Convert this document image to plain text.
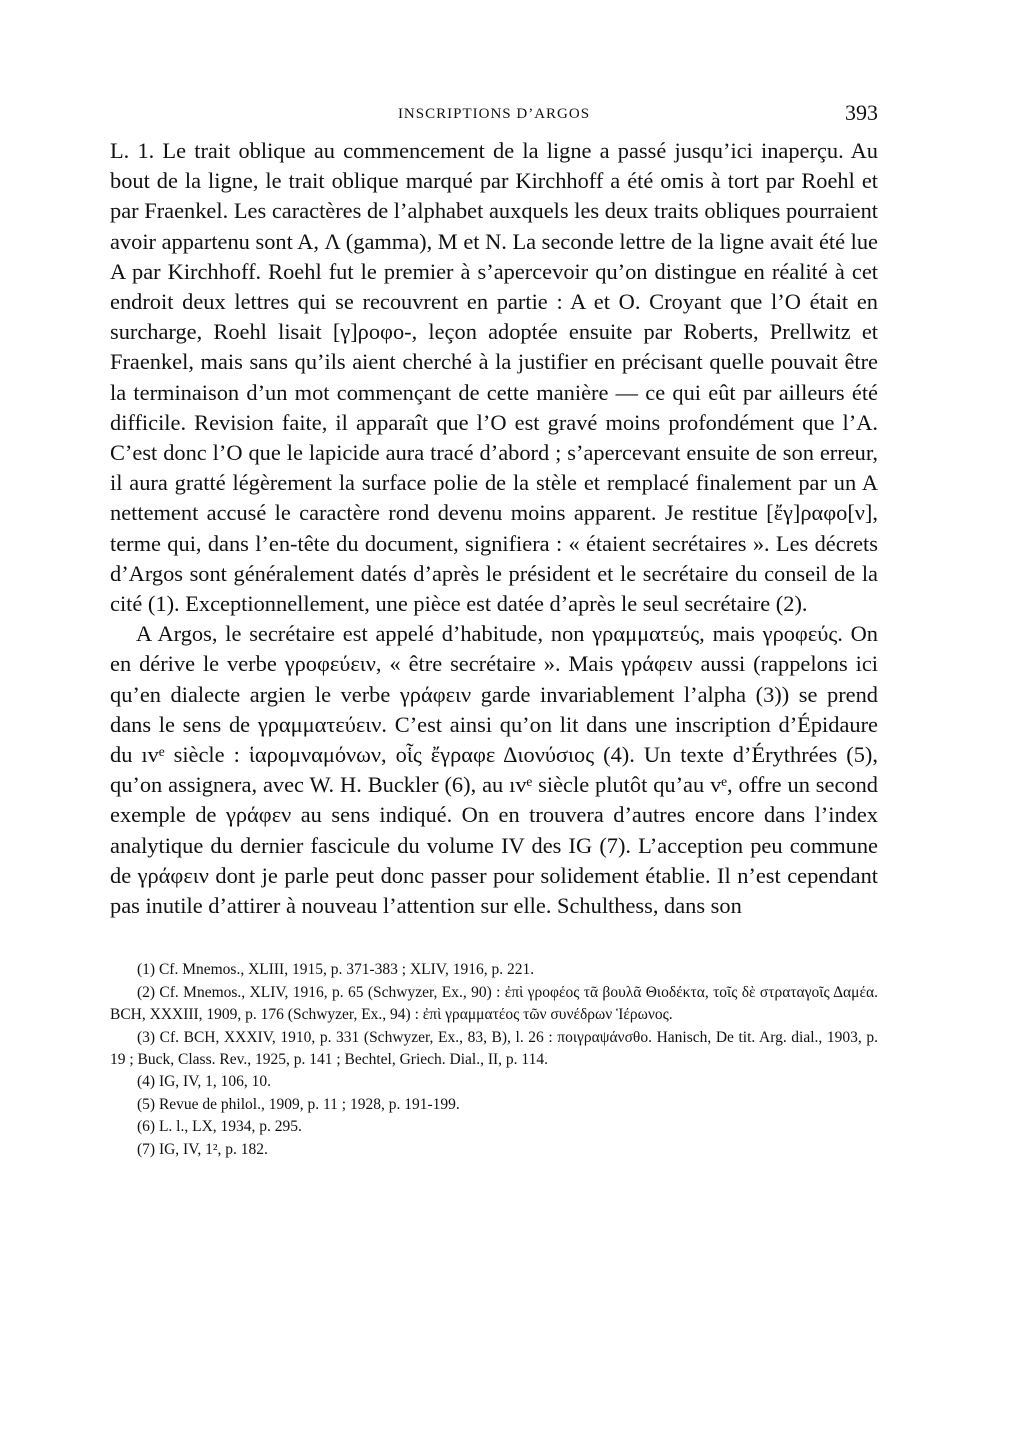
INSCRIPTIONS D’ARGOS	393

L. 1. Le trait oblique au commencement de la ligne a passé jusqu’ici inaperçu. Au bout de la ligne, le trait oblique marqué par Kirchhoff a été omis à tort par Roehl et par Fraenkel. Les caractères de l’alphabet auxquels les deux traits obliques pourraient avoir appartenu sont A, Λ (gamma), M et N. La seconde lettre de la ligne avait été lue A par Kirchhoff. Roehl fut le premier à s’apercevoir qu’on distingue en réalité à cet endroit deux lettres qui se recouvrent en partie : A et O. Croyant que l’O était en surcharge, Roehl lisait [γ]ροφο-, leçon adoptée ensuite par Roberts, Prellwitz et Fraenkel, mais sans qu’ils aient cherché à la justifier en précisant quelle pouvait être la terminaison d’un mot commençant de cette manière — ce qui eût par ailleurs été difficile. Revision faite, il apparaît que l’O est gravé moins profondément que l’A. C’est donc l’O que le lapicide aura tracé d’abord ; s’apercevant ensuite de son erreur, il aura gratté légèrement la surface polie de la stèle et remplacé finalement par un A nettement accusé le caractère rond devenu moins apparent. Je restitue [ἔγ]ραφο[ν], terme qui, dans l’en-tête du document, signifiera : « étaient secrétaires ». Les décrets d’Argos sont généralement datés d’après le président et le secrétaire du conseil de la cité (1). Exceptionnellement, une pièce est datée d’après le seul secrétaire (2).

A Argos, le secrétaire est appelé d’habitude, non γραμματεύς, mais γροφεύς. On en dérive le verbe γροφεύειν, « être secrétaire ». Mais γράφειν aussi (rappelons ici qu’en dialecte argien le verbe γράφειν garde invariablement l’alpha (3)) se prend dans le sens de γραμματεύειν. C’est ainsi qu’on lit dans une inscription d’Épidaure du ıvᵉ siècle : ἱαρομναμόνων, οἷς ἔγραφε Διονύσιος (4). Un texte d’Érythrées (5), qu’on assignera, avec W. H. Buckler (6), au ıvᵉ siècle plutôt qu’au vᵉ, offre un second exemple de γράφεν au sens indiqué. On en trouvera d’autres encore dans l’index analytique du dernier fascicule du volume IV des IG (7). L’acception peu commune de γράφειν dont je parle peut donc passer pour solidement établie. Il n’est cependant pas inutile d’attirer à nouveau l’attention sur elle. Schulthess, dans son

(1) Cf. Mnemos., XLIII, 1915, p. 371-383 ; XLIV, 1916, p. 221.

(2) Cf. Mnemos., XLIV, 1916, p. 65 (Schwyzer, Ex., 90) : ἐπὶ γροφέος τᾶ βουλᾶ Θιοδέκτα, τοῖς δὲ στραταγοῖς Δαμέα. BCH, XXXIII, 1909, p. 176 (Schwyzer, Ex., 94) : ἐπὶ γραμματέος τῶν συνέδρων Ἱέρωνος.

(3) Cf. BCH, XXXIV, 1910, p. 331 (Schwyzer, Ex., 83, B), l. 26 : ποιγραψάνσθο. Hanisch, De tit. Arg. dial., 1903, p. 19 ; Buck, Class. Rev., 1925, p. 141 ; Bechtel, Griech. Dial., II, p. 114.

(4) IG, IV, 1, 106, 10.

(5) Revue de philol., 1909, p. 11 ; 1928, p. 191-199.

(6) L. l., LX, 1934, p. 295.

(7) IG, IV, 1², p. 182.
